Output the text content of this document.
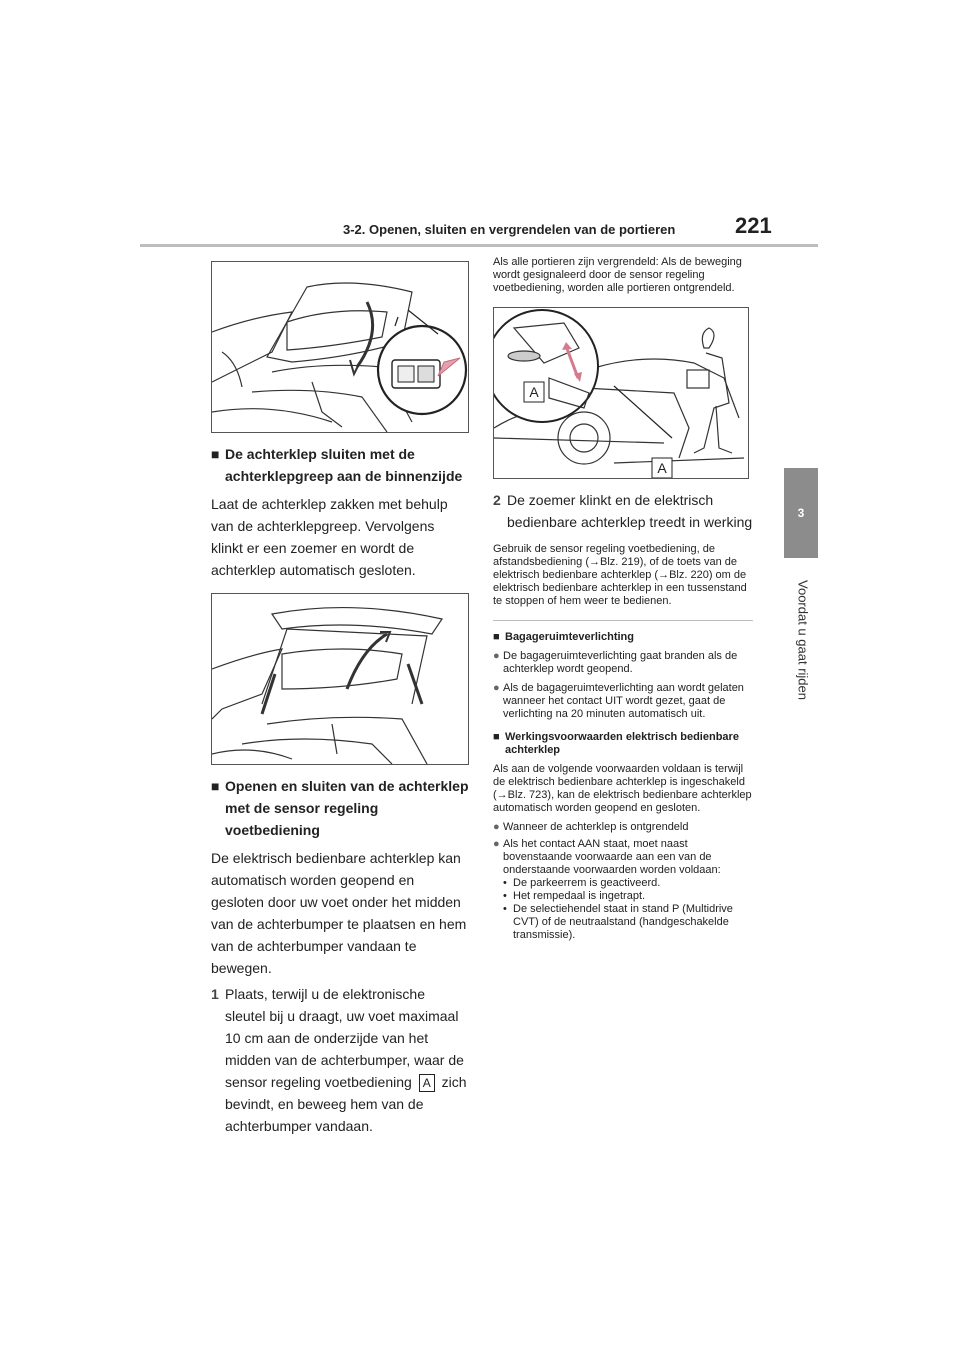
3-2. Openen, sluiten en vergrendelen van de portieren	221
3
Voordat u gaat rijden
■ De achterklep sluiten met de achterklepgreep aan de binnenzijde
Laat de achterklep zakken met behulp van de achterklepgreep. Vervolgens klinkt er een zoemer en wordt de achterklep automatisch gesloten.
■ Openen en sluiten van de achterklep met de sensor regeling voetbediening
De elektrisch bedienbare achterklep kan automatisch worden geopend en gesloten door uw voet onder het midden van de achterbumper te plaatsen en hem van de achterbumper vandaan te bewegen.
1 Plaats, terwijl u de elektronische sleutel bij u draagt, uw voet maximaal 10 cm aan de onderzijde van het midden van de achterbumper, waar de sensor regeling voetbediening A zich bevindt, en beweeg hem van de achterbumper vandaan.
Als alle portieren zijn vergrendeld: Als de beweging wordt gesignaleerd door de sensor regeling voetbediening, worden alle portieren ontgrendeld.
A
A
2 De zoemer klinkt en de elektrisch bedienbare achterklep treedt in werking
Gebruik de sensor regeling voetbediening, de afstandsbediening (→Blz. 219), of de toets van de elektrisch bedienbare achterklep (→Blz. 220) om de elektrisch bedienbare achterklep in een tussenstand te stoppen of hem weer te bedienen.
■ Bagageruimteverlichting
● De bagageruimteverlichting gaat branden als de achterklep wordt geopend.
● Als de bagageruimteverlichting aan wordt gelaten wanneer het contact UIT wordt gezet, gaat de verlichting na 20 minuten automatisch uit.
■ Werkingsvoorwaarden elektrisch bedienbare achterklep
Als aan de volgende voorwaarden voldaan is terwijl de elektrisch bedienbare achterklep is ingeschakeld (→Blz. 723), kan de elektrisch bedienbare achterklep automatisch worden geopend en gesloten.
● Wanneer de achterklep is ontgrendeld
● Als het contact AAN staat, moet naast bovenstaande voorwaarde aan een van de onderstaande voorwaarden worden voldaan:
• De parkeerrem is geactiveerd.
• Het rempedaal is ingetrapt.
• De selectiehendel staat in stand P (Multidrive CVT) of de neutraalstand (handgeschakelde transmissie).
